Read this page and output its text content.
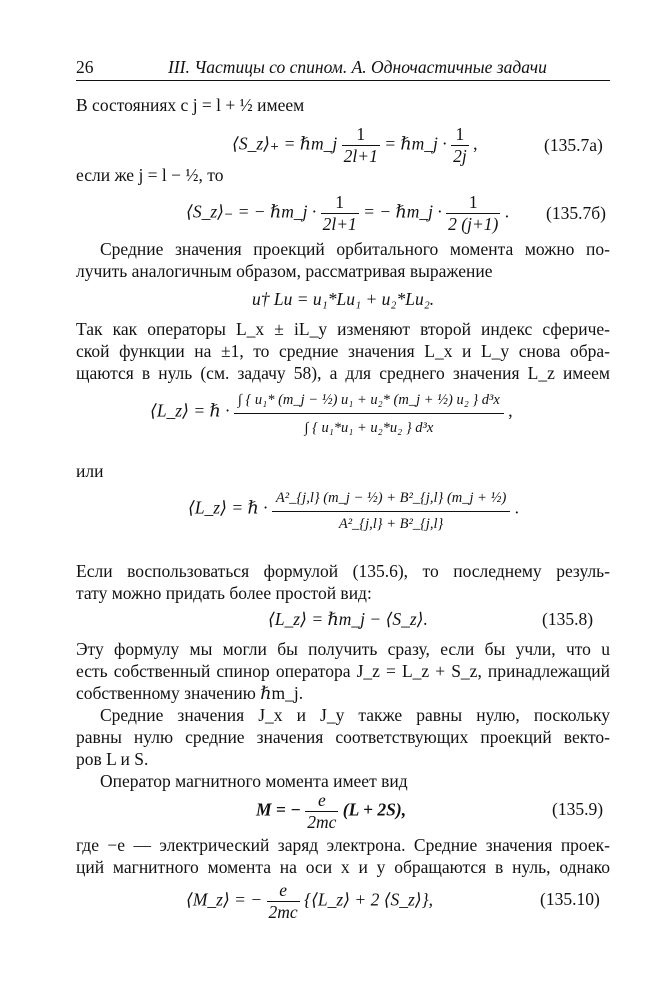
26	III. Частицы со спином. А. Одночастичные задачи
В состояниях с j = l + ½ имеем
⟨S_z⟩₊ = ℏm_j $\frac{1}{2l+1}$ = ℏm_j · $\frac{1}{2j}$ ,	(135.7а)
если же j = l − ½, то
⟨S_z⟩₋ = − ℏm_j · $\frac{1}{2l+1}$ = − ℏm_j · $\frac{1}{2 (j+1)}$ . (135.7б)
Средние значения проекций орбитального момента можно по-
лучить аналогичным образом, рассматривая выражение
u† Lu = u₁*Lu₁ + u₂*Lu₂.
Так как операторы L_x ± iL_y изменяют второй индекс сфериче-
ской функции на ±1, то средние значения L_x и L_y снова обра-
щаются в нуль (см. задачу 58), а для среднего значения L_z имеем
⟨L_z⟩ = ℏ · $\frac{\text{∫ \{ u₁* (m\_j − ½) u₁ + u₂* (m\_j + ½) u₂ \} d³x}}{\text{∫ \{ u₁*u₁ + u₂*u₂ \} d³x}}$ ,
или
⟨L_z⟩ = ℏ · $\frac{\text{A²\_\{j,l\} (m\_j − ½) + B²\_\{j,l\} (m\_j + ½)}}{\text{A²\_\{j,l\} + B²\_\{j,l\}}}$ .
Если воспользоваться формулой (135.6), то последнему резуль-
тату можно придать более простой вид:
⟨L_z⟩ = ℏm_j − ⟨S_z⟩.	(135.8)
Эту формулу мы могли бы получить сразу, если бы учли, что u
есть собственный спинор оператора J_z = L_z + S_z, принадлежащий
собственному значению ℏm_j.
Средние значения J_x и J_y также равны нулю, поскольку
равны нулю средние значения соответствующих проекций векто-
ров L и S.
Оператор магнитного момента имеет вид
M = − $\frac{e}{2mc} (L + 2S)$,	(135.9)
где −e — электрический заряд электрона. Средние значения проек-
ций магнитного момента на оси x и y обращаются в нуль, однако
⟨M_z⟩ = − $\frac{e}{2mc}$ {⟨L_z⟩ + 2 ⟨S_z⟩},	(135.10)
